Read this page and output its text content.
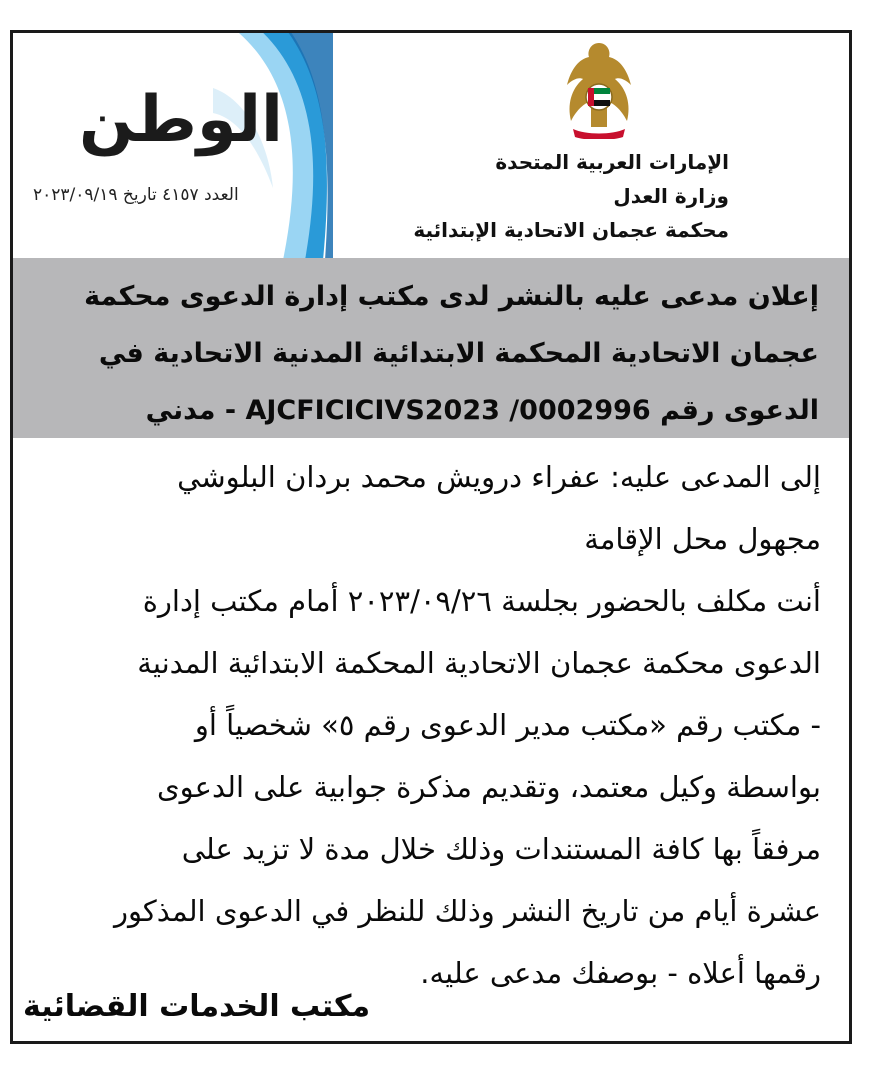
الوطن
العدد ٤١٥٧ تاريخ ٢٠٢٣/٠٩/١٩
الإمارات العربية المتحدة
وزارة العدل
محكمة عجمان الاتحادية الإبتدائية
إعلان مدعى عليه بالنشر لدى مكتب إدارة الدعوى محكمة
عجمان الاتحادية المحكمة الابتدائية المدنية الاتحادية في
الدعوى رقم AJCFICICIVS2023 /0002996 - مدني
إلى المدعى عليه: عفراء درويش محمد بردان البلوشي
مجهول محل الإقامة
أنت مكلف بالحضور بجلسة ٢٠٢٣/٠٩/٢٦ أمام مكتب إدارة
الدعوى محكمة عجمان الاتحادية المحكمة الابتدائية المدنية
- مكتب رقم «مكتب مدير الدعوى رقم ٥» شخصياً أو
بواسطة وكيل معتمد، وتقديم مذكرة جوابية على الدعوى
مرفقاً بها كافة المستندات وذلك خلال مدة لا تزيد على
عشرة أيام من تاريخ النشر وذلك للنظر في الدعوى المذكور
رقمها أعلاه - بوصفك مدعى عليه.
مكتب الخدمات القضائية
